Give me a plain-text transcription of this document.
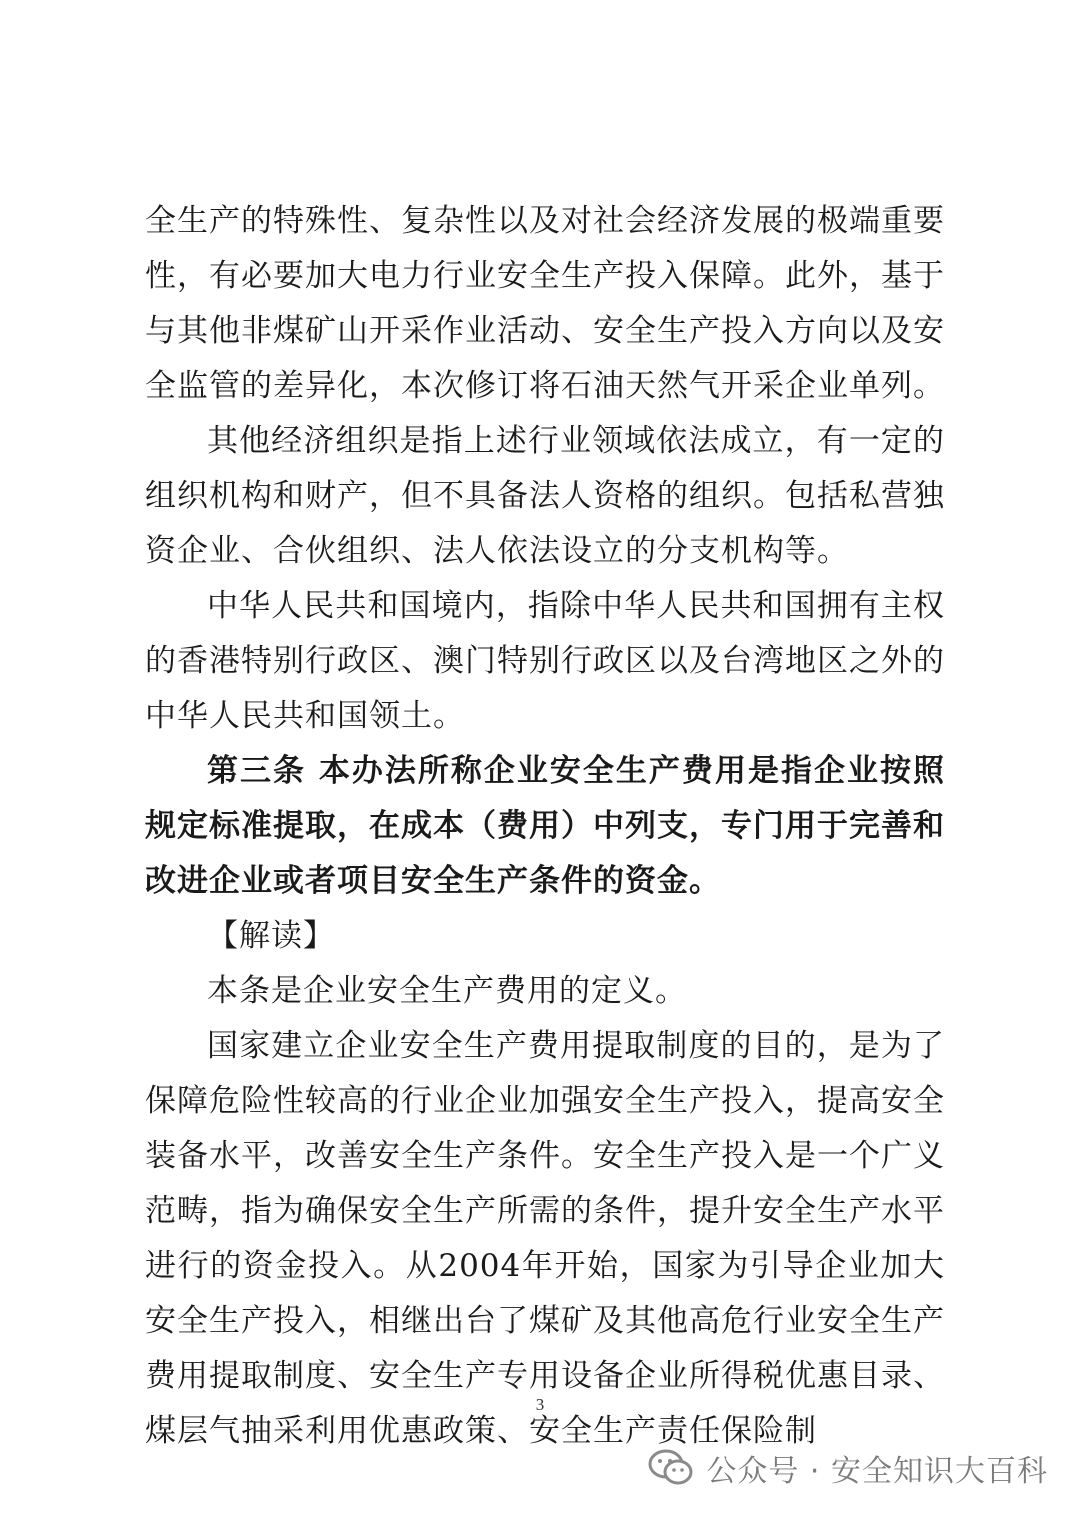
全生产的特殊性、复杂性以及对社会经济发展的极端重要性，有必要加大电力行业安全生产投入保障。此外，基于与其他非煤矿山开采作业活动、安全生产投入方向以及安全监管的差异化，本次修订将石油天然气开采企业单列。

其他经济组织是指上述行业领域依法成立，有一定的组织机构和财产，但不具备法人资格的组织。包括私营独资企业、合伙组织、法人依法设立的分支机构等。

中华人民共和国境内，指除中华人民共和国拥有主权的香港特别行政区、澳门特别行政区以及台湾地区之外的中华人民共和国领土。

第三条 本办法所称企业安全生产费用是指企业按照规定标准提取，在成本（费用）中列支，专门用于完善和改进企业或者项目安全生产条件的资金。

【解读】

本条是企业安全生产费用的定义。

国家建立企业安全生产费用提取制度的目的，是为了保障危险性较高的行业企业加强安全生产投入，提高安全装备水平，改善安全生产条件。安全生产投入是一个广义范畴，指为确保安全生产所需的条件，提升安全生产水平进行的资金投入。从2004年开始，国家为引导企业加大安全生产投入，相继出台了煤矿及其他高危行业安全生产费用提取制度、安全生产专用设备企业所得税优惠目录、煤层气抽采利用优惠政策、安全生产责任保险制

3
公众号 · 安全知识大百科
